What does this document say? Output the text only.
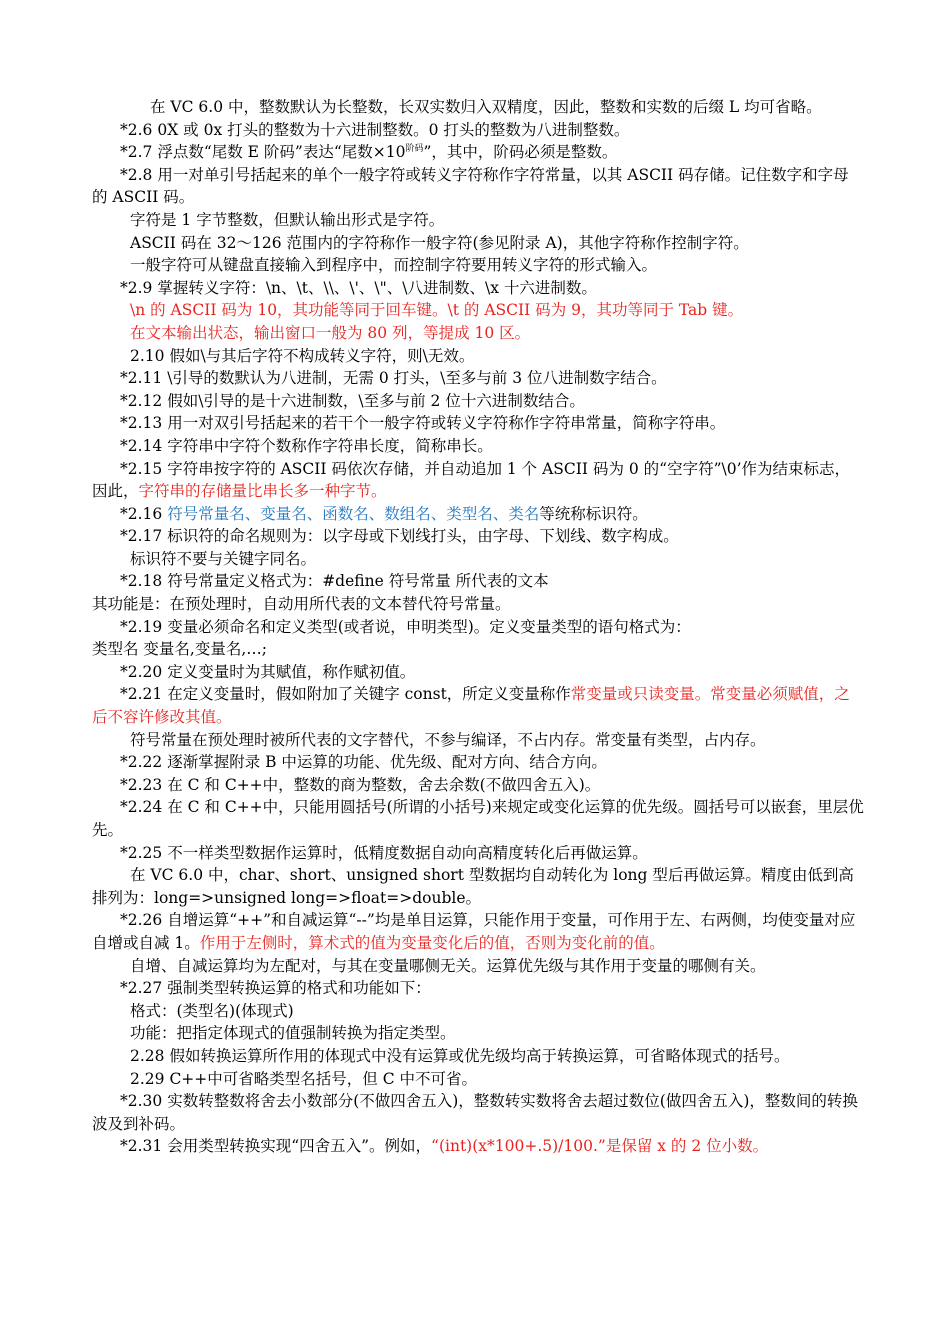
在 VC 6.0 中，整数默认为长整数，长双实数归入双精度，因此，整数和实数的后缀 L 均可省略。

*2.6 0X 或 0x 打头的整数为十六进制整数。0 打头的整数为八进制整数。

*2.7 浮点数“尾数 E 阶码”表达“尾数$\times 10^{阶码}$”，其中，阶码必须是整数。

*2.8 用一对单引号括起来的单个一般字符或转义字符称作字符常量，以其 ASCII 码存储。记住数字和字母的 ASCII 码。

字符是 1 字节整数，但默认输出形式是字符。

ASCII 码在 32～126 范围内的字符称作一般字符(参见附录 A)，其他字符称作控制字符。

一般字符可从键盘直接输入到程序中，而控制字符要用转义字符的形式输入。

*2.9 掌握转义字符：\n、\t、\\、\'、\"、\八进制数、\x 十六进制数。

\n 的 ASCII 码为 10，其功能等同于回车键。\t 的 ASCII 码为 9，其功等同于 Tab 键。

在文本输出状态，输出窗口一般为 80 列，等提成 10 区。

2.10 假如\与其后字符不构成转义字符，则\无效。

*2.11 \引导的数默认为八进制，无需 0 打头，\至多与前 3 位八进制数字结合。

*2.12 假如\引导的是十六进制数，\至多与前 2 位十六进制数结合。

*2.13 用一对双引号括起来的若干个一般字符或转义字符称作字符串常量，简称字符串。

*2.14 字符串中字符个数称作字符串长度，简称串长。

*2.15 字符串按字符的 ASCII 码依次存储，并自动追加 1 个 ASCII 码为 0 的“空字符”\0’作为结束标志，因此，字符串的存储量比串长多一种字节。

*2.16 符号常量名、变量名、函数名、数组名、类型名、类名等统称标识符。

*2.17 标识符的命名规则为：以字母或下划线打头，由字母、下划线、数字构成。

标识符不要与关键字同名。

*2.18 符号常量定义格式为：#define 符号常量 所代表的文本

其功能是：在预处理时，自动用所代表的文本替代符号常量。

*2.19 变量必须命名和定义类型(或者说，申明类型)。定义变量类型的语句格式为：

类型名 变量名,变量名,…;

*2.20 定义变量时为其赋值，称作赋初值。

*2.21 在定义变量时，假如附加了关键字 const，所定义变量称作常变量或只读变量。常变量必须赋值，之后不容许修改其值。

符号常量在预处理时被所代表的文字替代，不参与编译，不占内存。常变量有类型，占内存。

*2.22 逐渐掌握附录 B 中运算的功能、优先级、配对方向、结合方向。

*2.23 在 C 和 C++中，整数的商为整数，舍去余数(不做四舍五入)。

*2.24 在 C 和 C++中，只能用圆括号(所谓的小括号)来规定或变化运算的优先级。圆括号可以嵌套，里层优先。

*2.25 不一样类型数据作运算时，低精度数据自动向高精度转化后再做运算。

在 VC 6.0 中，char、short、unsigned short 型数据均自动转化为 long 型后再做运算。精度由低到高排列为：long=>unsigned long=>float=>double。

*2.26 自增运算“++”和自减运算“--”均是单目运算，只能作用于变量，可作用于左、右两侧，均使变量对应自增或自减 1。作用于左侧时，算术式的值为变量变化后的值，否则为变化前的值。

自增、自减运算均为左配对，与其在变量哪侧无关。运算优先级与其作用于变量的哪侧有关。

*2.27 强制类型转换运算的格式和功能如下：

格式：(类型名)(体现式)

功能：把指定体现式的值强制转换为指定类型。

2.28 假如转换运算所作用的体现式中没有运算或优先级均高于转换运算，可省略体现式的括号。

2.29 C++中可省略类型名括号，但 C 中不可省。

*2.30 实数转整数将舍去小数部分(不做四舍五入)，整数转实数将舍去超过数位(做四舍五入)，整数间的转换波及到补码。

*2.31 会用类型转换实现“四舍五入”。例如，“(int)(x*100+.5)/100.”是保留 x 的 2 位小数。
